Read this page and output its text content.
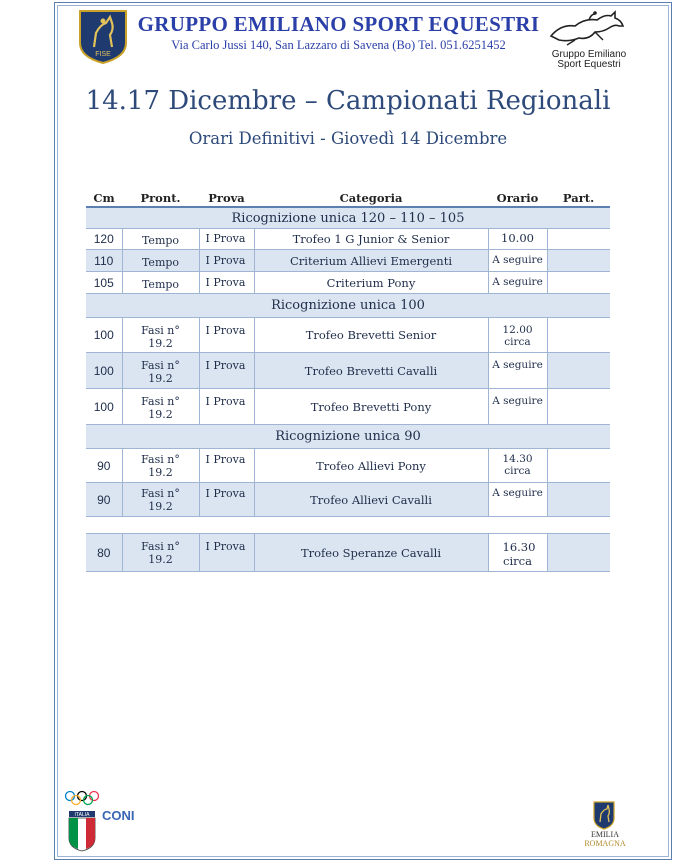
FISE
GRUPPO EMILIANO SPORT EQUESTRI
Via Carlo Jussi 140, San Lazzaro di Savena (Bo) Tel. 051.6251452
Gruppo Emiliano
Sport Equestri
14.17 Dicembre – Campionati Regionali
Orari Definitivi - Giovedì 14 Dicembre
Cm	Pront.	Prova	Categoria	Orario	Part.
Ricognizione unica 120 – 110 – 105					
120	Tempo	I Prova	Trofeo 1 G Junior & Senior	10.00	
110	Tempo	I Prova	Criterium Allievi Emergenti	A seguire	
105	Tempo	I Prova	Criterium Pony	A seguire	
Ricognizione unica 100					
100	Fasi n° 19.2	I Prova	Trofeo Brevetti Senior	12.00 circa	
100	Fasi n° 19.2	I Prova	Trofeo Brevetti Cavalli	A seguire	
100	Fasi n° 19.2	I Prova	Trofeo Brevetti Pony	A seguire	
Ricognizione unica 90					
90	Fasi n° 19.2	I Prova	Trofeo Allievi Pony	14.30 circa	
90	Fasi n° 19.2	I Prova	Trofeo Allievi Cavalli	A seguire	

80	Fasi n° 19.2	I Prova	Trofeo Speranze Cavalli	16.30 circa	
ITALIA CONI
EMILIA
ROMAGNA
